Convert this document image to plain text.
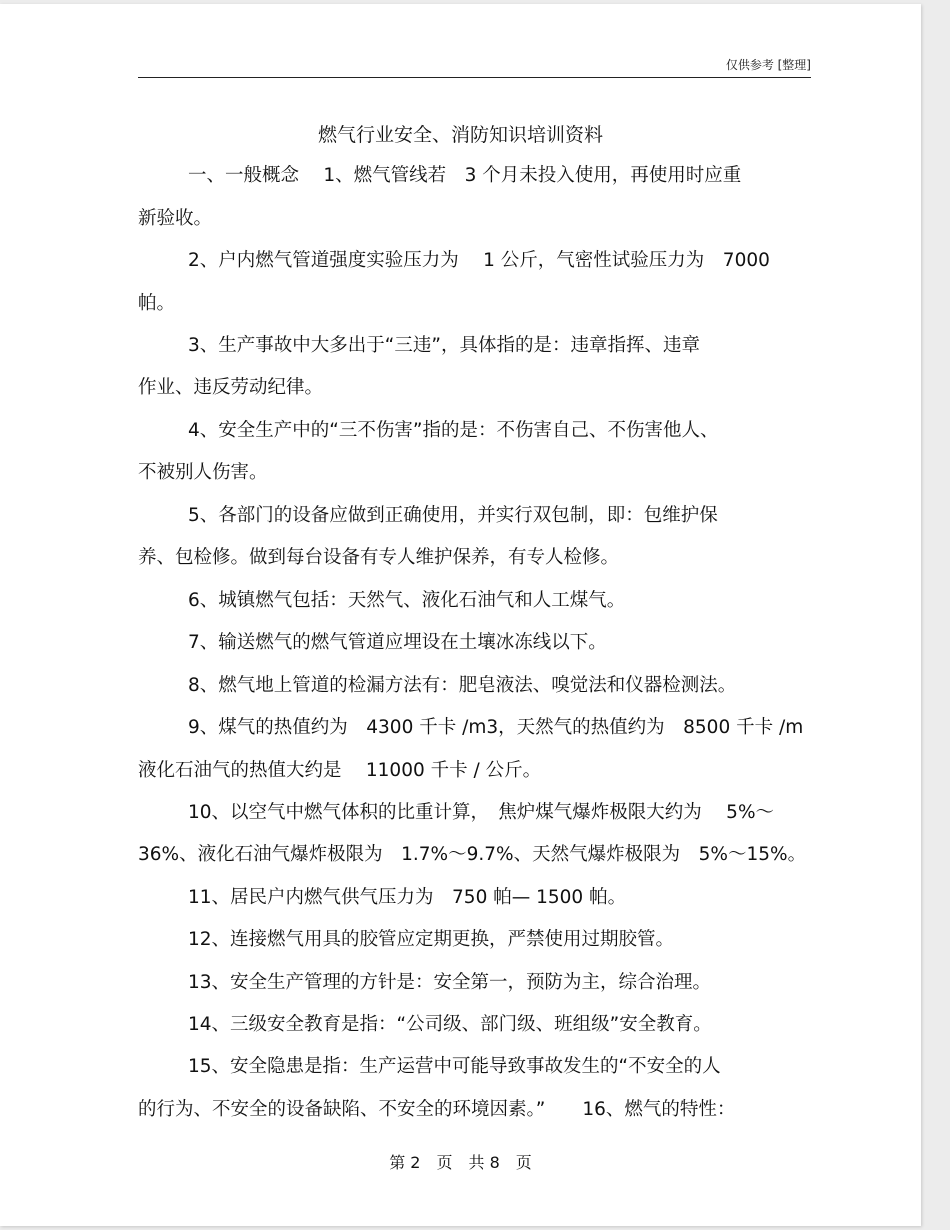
仅供参考 [整理]
燃气行业安全、消防知识培训资料
一、一般概念　 1、燃气管线若　3 个月未投入使用，再使用时应重
新验收。
2、户内燃气管道强度实验压力为　 1 公斤，气密性试验压力为　7000
帕。
3、生产事故中大多出于“三违”，具体指的是：违章指挥、违章
作业、违反劳动纪律。
4、安全生产中的“三不伤害”指的是：不伤害自己、不伤害他人、
不被别人伤害。
5、各部门的设备应做到正确使用，并实行双包制，即：包维护保
养、包检修。做到每台设备有专人维护保养，有专人检修。
6、城镇燃气包括：天然气、液化石油气和人工煤气。
7、输送燃气的燃气管道应埋设在土壤冰冻线以下。
8、燃气地上管道的检漏方法有：肥皂液法、嗅觉法和仪器检测法。
9、煤气的热值约为　4300 千卡 /m3，天然气的热值约为　8500 千卡 /m
液化石油气的热值大约是　 11000 千卡 / 公斤。
10、以空气中燃气体积的比重计算，　焦炉煤气爆炸极限大约为　 5%～
36%、液化石油气爆炸极限为　1.7%～9.7%、天然气爆炸极限为　5%～15%。
11、居民户内燃气供气压力为　750 帕— 1500 帕。
12、连接燃气用具的胶管应定期更换，严禁使用过期胶管。
13、安全生产管理的方针是：安全第一，预防为主，综合治理。
14、三级安全教育是指：“公司级、部门级、班组级”安全教育。
15、安全隐患是指：生产运营中可能导致事故发生的“不安全的人
的行为、不安全的设备缺陷、不安全的环境因素。”　　16、燃气的特性：
第 2　页　共 8　页
